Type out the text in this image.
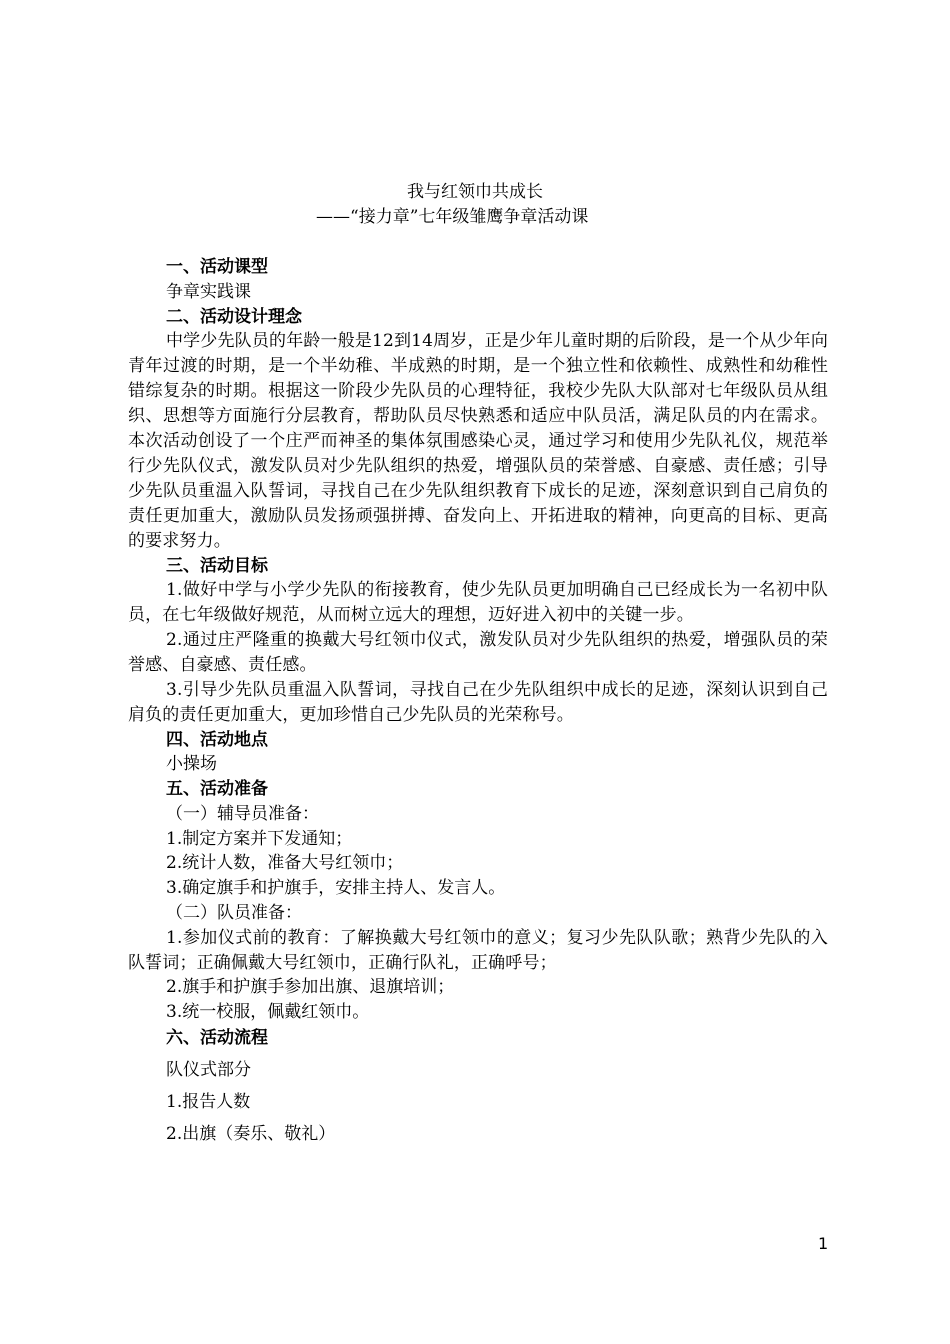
我与红领巾共成长
——“接力章”七年级雏鹰争章活动课
一、活动课型
争章实践课
二、活动设计理念
中学少先队员的年龄一般是12到14周岁，正是少年儿童时期的后阶段，是一个从少年向青年过渡的时期，是一个半幼稚、半成熟的时期，是一个独立性和依赖性、成熟性和幼稚性错综复杂的时期。根据这一阶段少先队员的心理特征，我校少先队大队部对七年级队员从组织、思想等方面施行分层教育，帮助队员尽快熟悉和适应中队员活，满足队员的内在需求。本次活动创设了一个庄严而神圣的集体氛围感染心灵，通过学习和使用少先队礼仪，规范举行少先队仪式，激发队员对少先队组织的热爱，增强队员的荣誉感、自豪感、责任感；引导少先队员重温入队誓词，寻找自己在少先队组织教育下成长的足迹，深刻意识到自己肩负的责任更加重大，激励队员发扬顽强拼搏、奋发向上、开拓进取的精神，向更高的目标、更高的要求努力。
三、活动目标
1.做好中学与小学少先队的衔接教育，使少先队员更加明确自己已经成长为一名初中队员，在七年级做好规范，从而树立远大的理想，迈好进入初中的关键一步。
2.通过庄严隆重的换戴大号红领巾仪式，激发队员对少先队组织的热爱，增强队员的荣誉感、自豪感、责任感。
3.引导少先队员重温入队誓词，寻找自己在少先队组织中成长的足迹，深刻认识到自己肩负的责任更加重大，更加珍惜自己少先队员的光荣称号。
四、活动地点
小操场
五、活动准备
（一）辅导员准备：
1.制定方案并下发通知；
2.统计人数，准备大号红领巾；
3.确定旗手和护旗手，安排主持人、发言人。
（二）队员准备：
1.参加仪式前的教育：了解换戴大号红领巾的意义；复习少先队队歌；熟背少先队的入队誓词；正确佩戴大号红领巾，正确行队礼，正确呼号；
2.旗手和护旗手参加出旗、退旗培训；
3.统一校服，佩戴红领巾。
六、活动流程
队仪式部分
1.报告人数
2.出旗（奏乐、敬礼）
1
